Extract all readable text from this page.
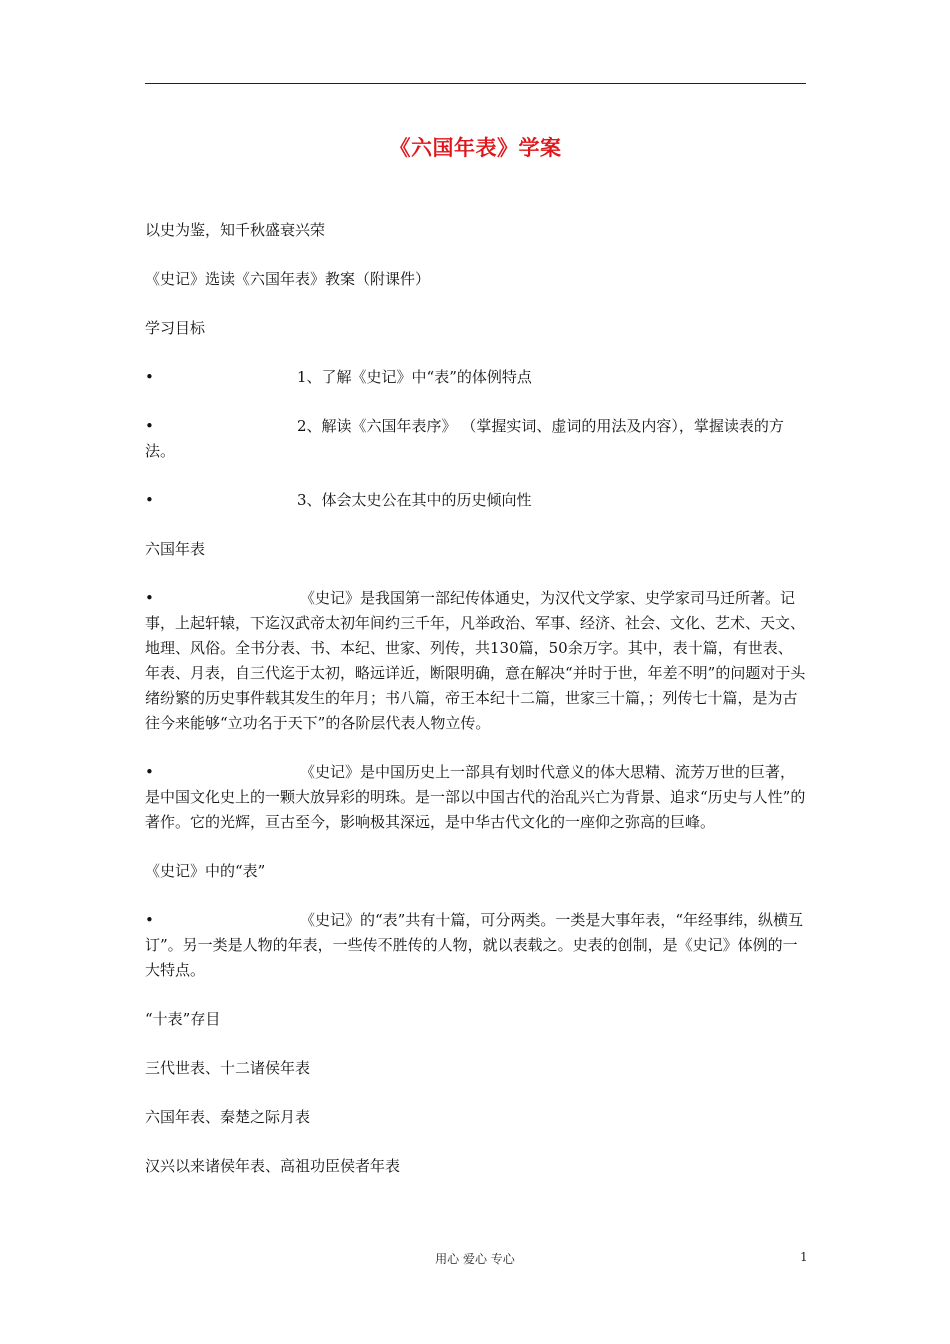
《六国年表》学案

以史为鉴，知千秋盛衰兴荣

《史记》选读《六国年表》教案（附课件）

学习目标

•	1、了解《史记》中“表”的体例特点

•	2、解读《六国年表序》 （掌握实词、虚词的用法及内容），掌握读表的方法。

•	3、体会太史公在其中的历史倾向性

六国年表

•	《史记》是我国第一部纪传体通史，为汉代文学家、史学家司马迁所著。记事，上起轩辕，下迄汉武帝太初年间约三千年，凡举政治、军事、经济、社会、文化、艺术、天文、地理、风俗。全书分表、书、本纪、世家、列传，共130篇，50余万字。其中，表十篇，有世表、年表、月表，自三代迄于太初，略远详近，断限明确，意在解决“并时于世，年差不明”的问题对于头绪纷繁的历史事件载其发生的年月；书八篇，帝王本纪十二篇，世家三十篇，；列传七十篇，是为古往今来能够“立功名于天下”的各阶层代表人物立传。

•	《史记》是中国历史上一部具有划时代意义的体大思精、流芳万世的巨著，是中国文化史上的一颗大放异彩的明珠。是一部以中国古代的治乱兴亡为背景、追求“历史与人性”的著作。它的光辉，亘古至今，影响极其深远，是中华古代文化的一座仰之弥高的巨峰。

《史记》中的“表”

•	《史记》的“表”共有十篇，可分两类。一类是大事年表，“年经事纬，纵横互订”。另一类是人物的年表，一些传不胜传的人物，就以表载之。史表的创制，是《史记》体例的一大特点。

“十表”存目

三代世表、十二诸侯年表

六国年表、秦楚之际月表

汉兴以来诸侯年表、高祖功臣侯者年表

用心 爱心 专心	1
